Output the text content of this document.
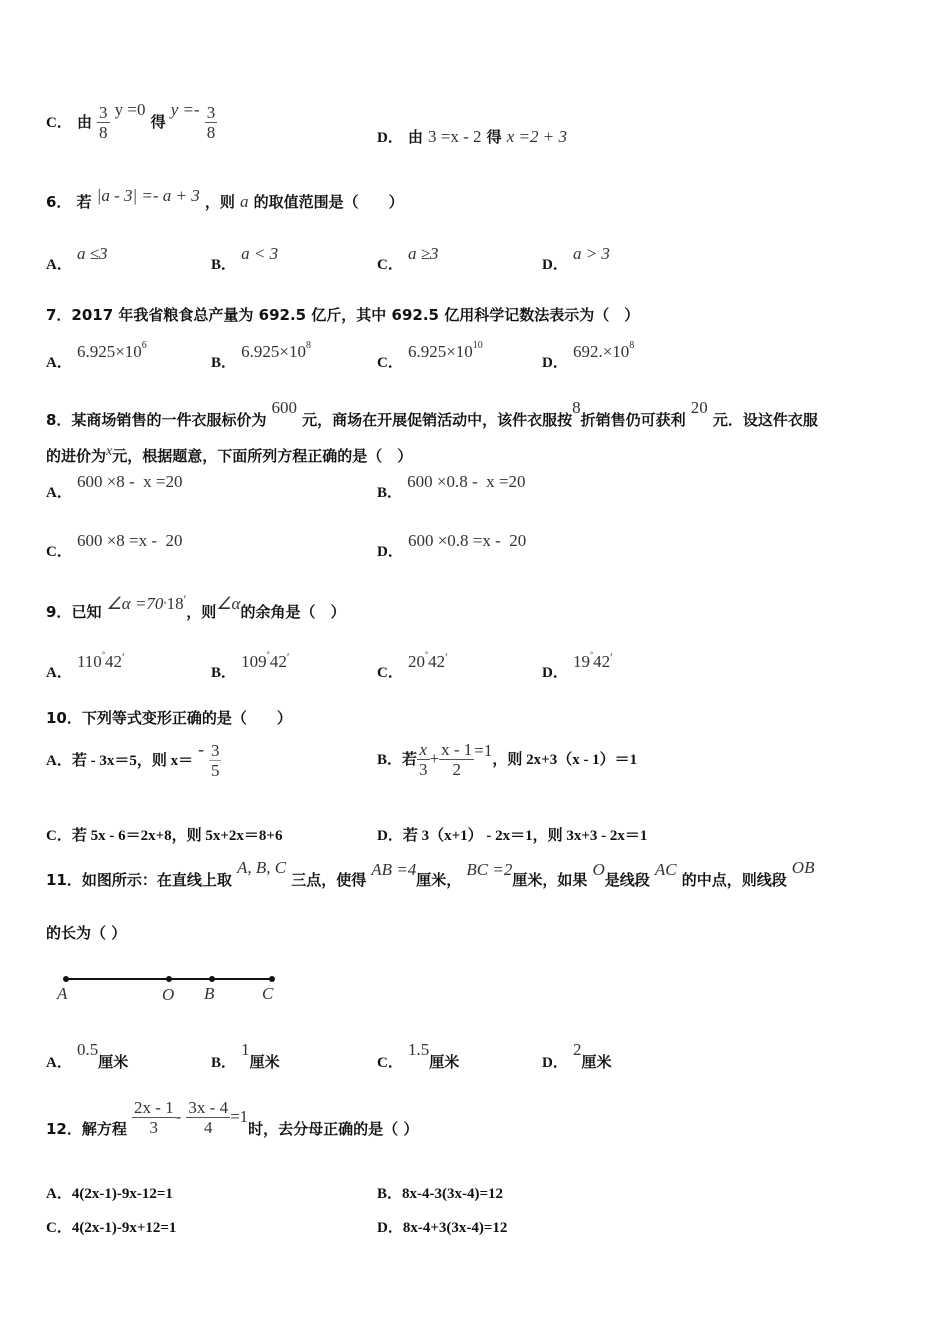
C． 由 $\frac{3}{8}$ y =0 得 $y =- \frac{3}{8}$	D． 由 3 =x - 2 得 x =2 + 3
6． 若 |a - 3| =- a + 3 ，则 a 的取值范围是（　　）
A． a ≤3
B． a < 3
C． a ≥3
D． a > 3
7．2017 年我省粮食总产量为 692.5 亿斤，其中 692.5 亿用科学记数法表示为（　）
A． $6.925\times 10^6$
B． $6.925\times 10^8$
C． $6.925\times 10^{10}$
D． $692.\times 10^8$
8．某商场销售的一件衣服标价为 600 元，商场在开展促销活动中，该件衣服按8折销售仍可获利 20 元．设这件衣服
的进价为x元，根据题意，下面所列方程正确的是（　）
A． 600 ×8 -  x =20
B． 600 ×0.8 -  x =20
C． 600 ×8 =x -  20
D． 600 ×0.8 =x -  20
9．已知 ∠α =70°18′，则∠α的余角是（　）
A． 110°42′
B． 109°42′
C． 20°42′
D． 19°42′
10．下列等式变形正确的是（　　）
A．若 - 3x＝5，则 $x= - \frac{3}{5}$	B．若 $\frac{x}{3} + \frac{x - 1}{2} =1$，则 2x+3（x - 1）＝1
C．若 5x - 6＝2x+8，则 5x+2x＝8+6	D．若 3（x+1） - 2x＝1，则 3x+3 - 2x＝1
11．如图所示：在直线上取 A, B, C 三点，使得 AB =4厘米， BC =2厘米，如果 O是线段 AC 的中点，则线段 OB
的长为（ ）
A	O B	C
A． 0.5厘米	B． 1厘米	C． 1.5厘米	D． 2厘米
12．解方程 $\frac{2x - 1}{3} - \frac{3x - 4}{4} =1$时，去分母正确的是（ ）
A．4(2x-1)-9x-12=1	B．8x-4-3(3x-4)=12
C．4(2x-1)-9x+12=1	D．8x-4+3(3x-4)=12
